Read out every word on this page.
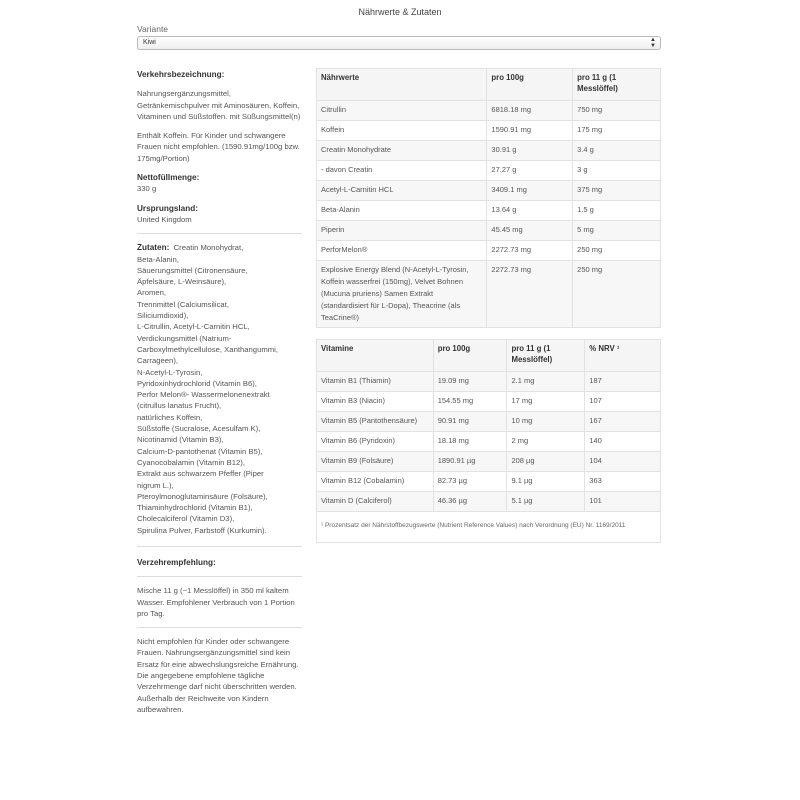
Nährwerte & Zutaten
Variante
Kiwi	▲
▼
Verkehrsbezeichnung:
Nahrungsergänzungsmittel, Getränkemischpulver mit Aminosäuren, Koffein, Vitaminen und Süßstoffen. mit Süßungsmittel(n)
Enthält Koffein. Für Kinder und schwangere Frauen nicht empfohlen. (1590.91mg/100g bzw. 175mg/Portion)
Nettofüllmenge:
330 g
Ursprungsland:
United Kingdom
Zutaten: Creatin Monohydrat,
Beta-Alanin,
Säuerungsmittel (Citronensäure,
Äpfelsäure, L-Weinsäure),
Aromen,
Trennmittel (Calciumsilicat,
Siliciumdioxid),
L-Citrullin, Acetyl-L-Carnitin HCL,
Verdickungsmittel (Natrium-
Carboxylmethylcellulose, Xanthangummi,
Carrageen),
N-Acetyl-L-Tyrosin,
Pyridoxinhydrochlorid (Vitamin B6),
Perfor Melon®- Wassermelonenextrakt
(citrullus lanatus Frucht),
natürliches Koffein,
Süßstoffe (Sucralose, Acesulfam K),
Nicotinamid (Vitamin B3),
Calcium-D-pantothenat (Vitamin B5),
Cyanocobalamin (Vitamin B12),
Extrakt aus schwarzem Pfeffer (Piper
nigrum L.),
Pteroylmonoglutaminsäure (Folsäure),
Thiaminhydrochlorid (Vitamin B1),
Cholecalciferol (Vitamin D3),
Spirulina Pulver, Farbstoff (Kurkumin).
Verzehrempfehlung:
Mische 11 g (~1 Messlöffel) in 350 ml kaltem Wasser. Empfohlener Verbrauch von 1 Portion pro Tag.
Nicht empfohlen für Kinder oder schwangere Frauen. Nahrungsergänzungsmittel sind kein Ersatz für eine abwechslungsreiche Ernährung. Die angegebene empfohlene tägliche Verzehrmenge darf nicht überschritten werden. Außerhalb der Reichweite von Kindern aufbewahren.
Nährwerte	pro 100g	pro 11 g (1 Messlöffel)
Citrullin	6818.18 mg	750 mg
Koffein	1590.91 mg	175 mg
Creatin Monohydrate	30.91 g	3.4 g
- davon Creatin	27.27 g	3 g
Acetyl-L-Carnitin HCL	3409.1 mg	375 mg
Beta-Alanin	13.64 g	1.5 g
Piperin	45.45 mg	5 mg
PerforMelon®	2272.73 mg	250 mg
Explosive Energy Blend (N-Acetyl-L-Tyrosin, Koffein wasserfrei (150mg), Velvet Bohnen (Mucuna pruriens) Samen Extrakt (standardisiert für L-Dopa), Theacrine (als TeaCrine®)	2272.73 mg	250 mg
Vitamine	pro 100g	pro 11 g (1 Messlöffel)	% NRV ¹
Vitamin B1 (Thiamin)	19.09 mg	2.1 mg	187
Vitamin B3 (Niacin)	154.55 mg	17 mg	107
Vitamin B5 (Pantothensäure)	90.91 mg	10 mg	167
Vitamin B6 (Pyridoxin)	18.18 mg	2 mg	140
Vitamin B9 (Folsäure)	1890.91 µg	208 µg	104
Vitamin B12 (Cobalamin)	82.73 µg	9.1 µg	363
Vitamin D (Calciferol)	46.36 µg	5.1 µg	101
¹ Prozentsatz der Nährstoffbezugswerte (Nutrient Reference Values) nach Verordnung (EU) Nr. 1169/2011			
